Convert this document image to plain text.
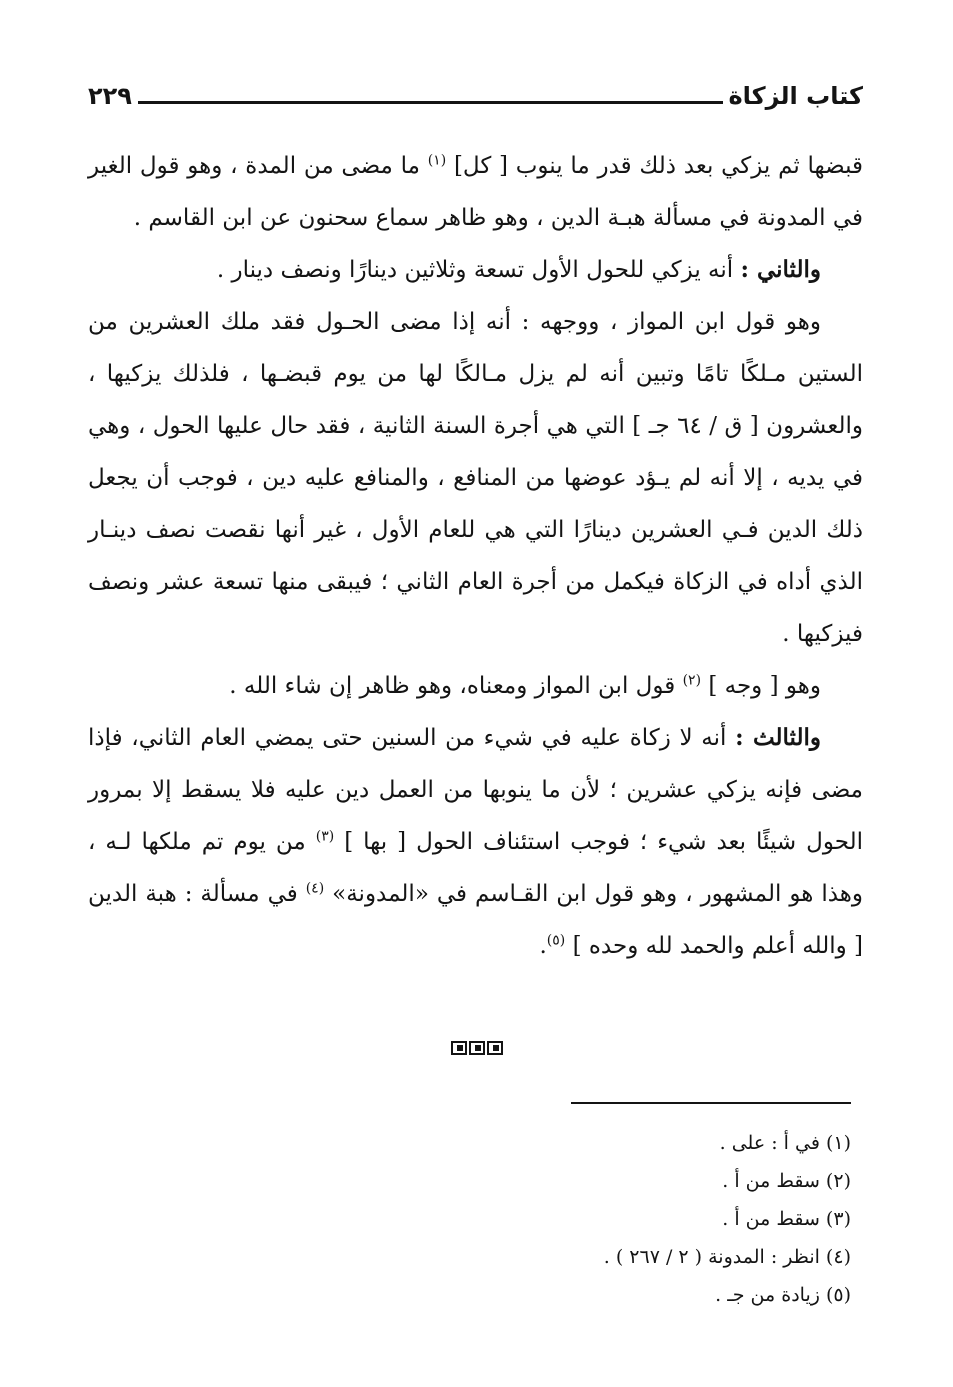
٢٢٩	كتاب الزكاة

قبضها ثم يزكي بعد ذلك قدر ما ينوب [ كل] $^{(١)}$ ما مضى من المدة ، وهو قول الغير في المدونة في مسألة هبـة الدين ، وهو ظاهر سماع سحنون عن ابن القاسم .

والثاني : أنه يزكي للحول الأول تسعة وثلاثين دينارًا ونصف دينار .

وهو قول ابن المواز ، ووجهه : أنه إذا مضى الحـول فقد ملك العشرين من الستين مـلكًا تامًا وتبين أنه لم يزل مـالكًا لها من يوم قبضـها ، فلذلك يزكيها ، والعشرون [ ق / ٦٤ جـ ] التي هي أجرة السنة الثانية ، فقد حال عليها الحول ، وهي في يديه ، إلا أنه لم يـؤد عوضها من المنافع ، والمنافع عليه دين ، فوجب أن يجعل ذلك الدين فـي العشرين دينارًا التي هي للعام الأول ، غير أنها نقصت نصف دينـار الذي أداه في الزكاة فيكمل من أجرة العام الثاني ؛ فيبقى منها تسعة عشر ونصف فيزكيها .

وهو [ وجه ] $^{(٢)}$ قول ابن المواز ومعناه، وهو ظاهر إن شاء الله .

والثالث : أنه لا زكاة عليه في شيء من السنين حتى يمضي العام الثاني، فإذا مضى فإنه يزكي عشرين ؛ لأن ما ينوبها من العمل دين عليه فلا يسقط إلا بمرور الحول شيئًا بعد شيء ؛ فوجب استئناف الحول [ بها ] $^{(٣)}$ من يوم تم ملكها لـه ، وهذا هو المشهور ، وهو قول ابن القـاسم في «المدونة» $^{(٤)}$ في مسألة : هبة الدين [ والله أعلم والحمد لله وحده ] $^{(٥)}$.

(١) في أ : على .

(٢) سقط من أ .

(٣) سقط من أ .

(٤) انظر : المدونة ( ٢ / ٢٦٧ ) .

(٥) زيادة من جـ .
